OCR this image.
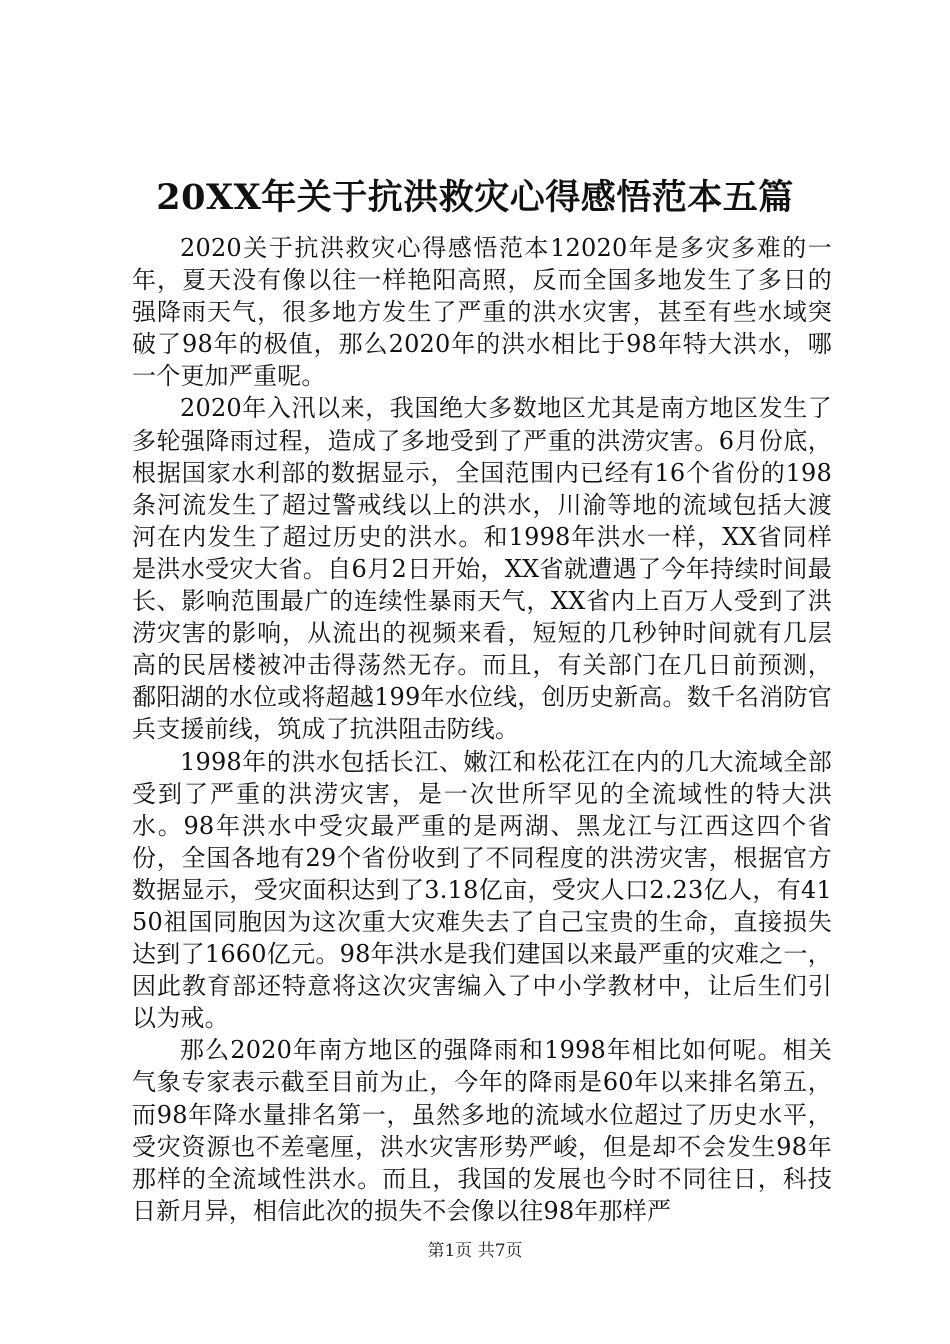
20XX年关于抗洪救灾心得感悟范本五篇

2020关于抗洪救灾心得感悟范本12020年是多灾多难的一年，夏天没有像以往一样艳阳高照，反而全国多地发生了多日的强降雨天气，很多地方发生了严重的洪水灾害，甚至有些水域突破了98年的极值，那么2020年的洪水相比于98年特大洪水，哪一个更加严重呢。

2020年入汛以来，我国绝大多数地区尤其是南方地区发生了多轮强降雨过程，造成了多地受到了严重的洪涝灾害。6月份底，根据国家水利部的数据显示，全国范围内已经有16个省份的198条河流发生了超过警戒线以上的洪水，川渝等地的流域包括大渡河在内发生了超过历史的洪水。和1998年洪水一样，XX省同样是洪水受灾大省。自6月2日开始，XX省就遭遇了今年持续时间最长、影响范围最广的连续性暴雨天气，XX省内上百万人受到了洪涝灾害的影响，从流出的视频来看，短短的几秒钟时间就有几层高的民居楼被冲击得荡然无存。而且，有关部门在几日前预测，鄱阳湖的水位或将超越199年水位线，创历史新高。数千名消防官兵支援前线，筑成了抗洪阻击防线。

1998年的洪水包括长江、嫩江和松花江在内的几大流域全部受到了严重的洪涝灾害，是一次世所罕见的全流域性的特大洪水。98年洪水中受灾最严重的是两湖、黑龙江与江西这四个省份，全国各地有29个省份收到了不同程度的洪涝灾害，根据官方数据显示，受灾面积达到了3.18亿亩，受灾人口2.23亿人，有4150祖国同胞因为这次重大灾难失去了自己宝贵的生命，直接损失达到了1660亿元。98年洪水是我们建国以来最严重的灾难之一，因此教育部还特意将这次灾害编入了中小学教材中，让后生们引以为戒。

那么2020年南方地区的强降雨和1998年相比如何呢。相关气象专家表示截至目前为止，今年的降雨是60年以来排名第五，而98年降水量排名第一，虽然多地的流域水位超过了历史水平，受灾资源也不差毫厘，洪水灾害形势严峻，但是却不会发生98年那样的全流域性洪水。而且，我国的发展也今时不同往日，科技日新月异，相信此次的损失不会像以往98年那样严

第1页 共7页
